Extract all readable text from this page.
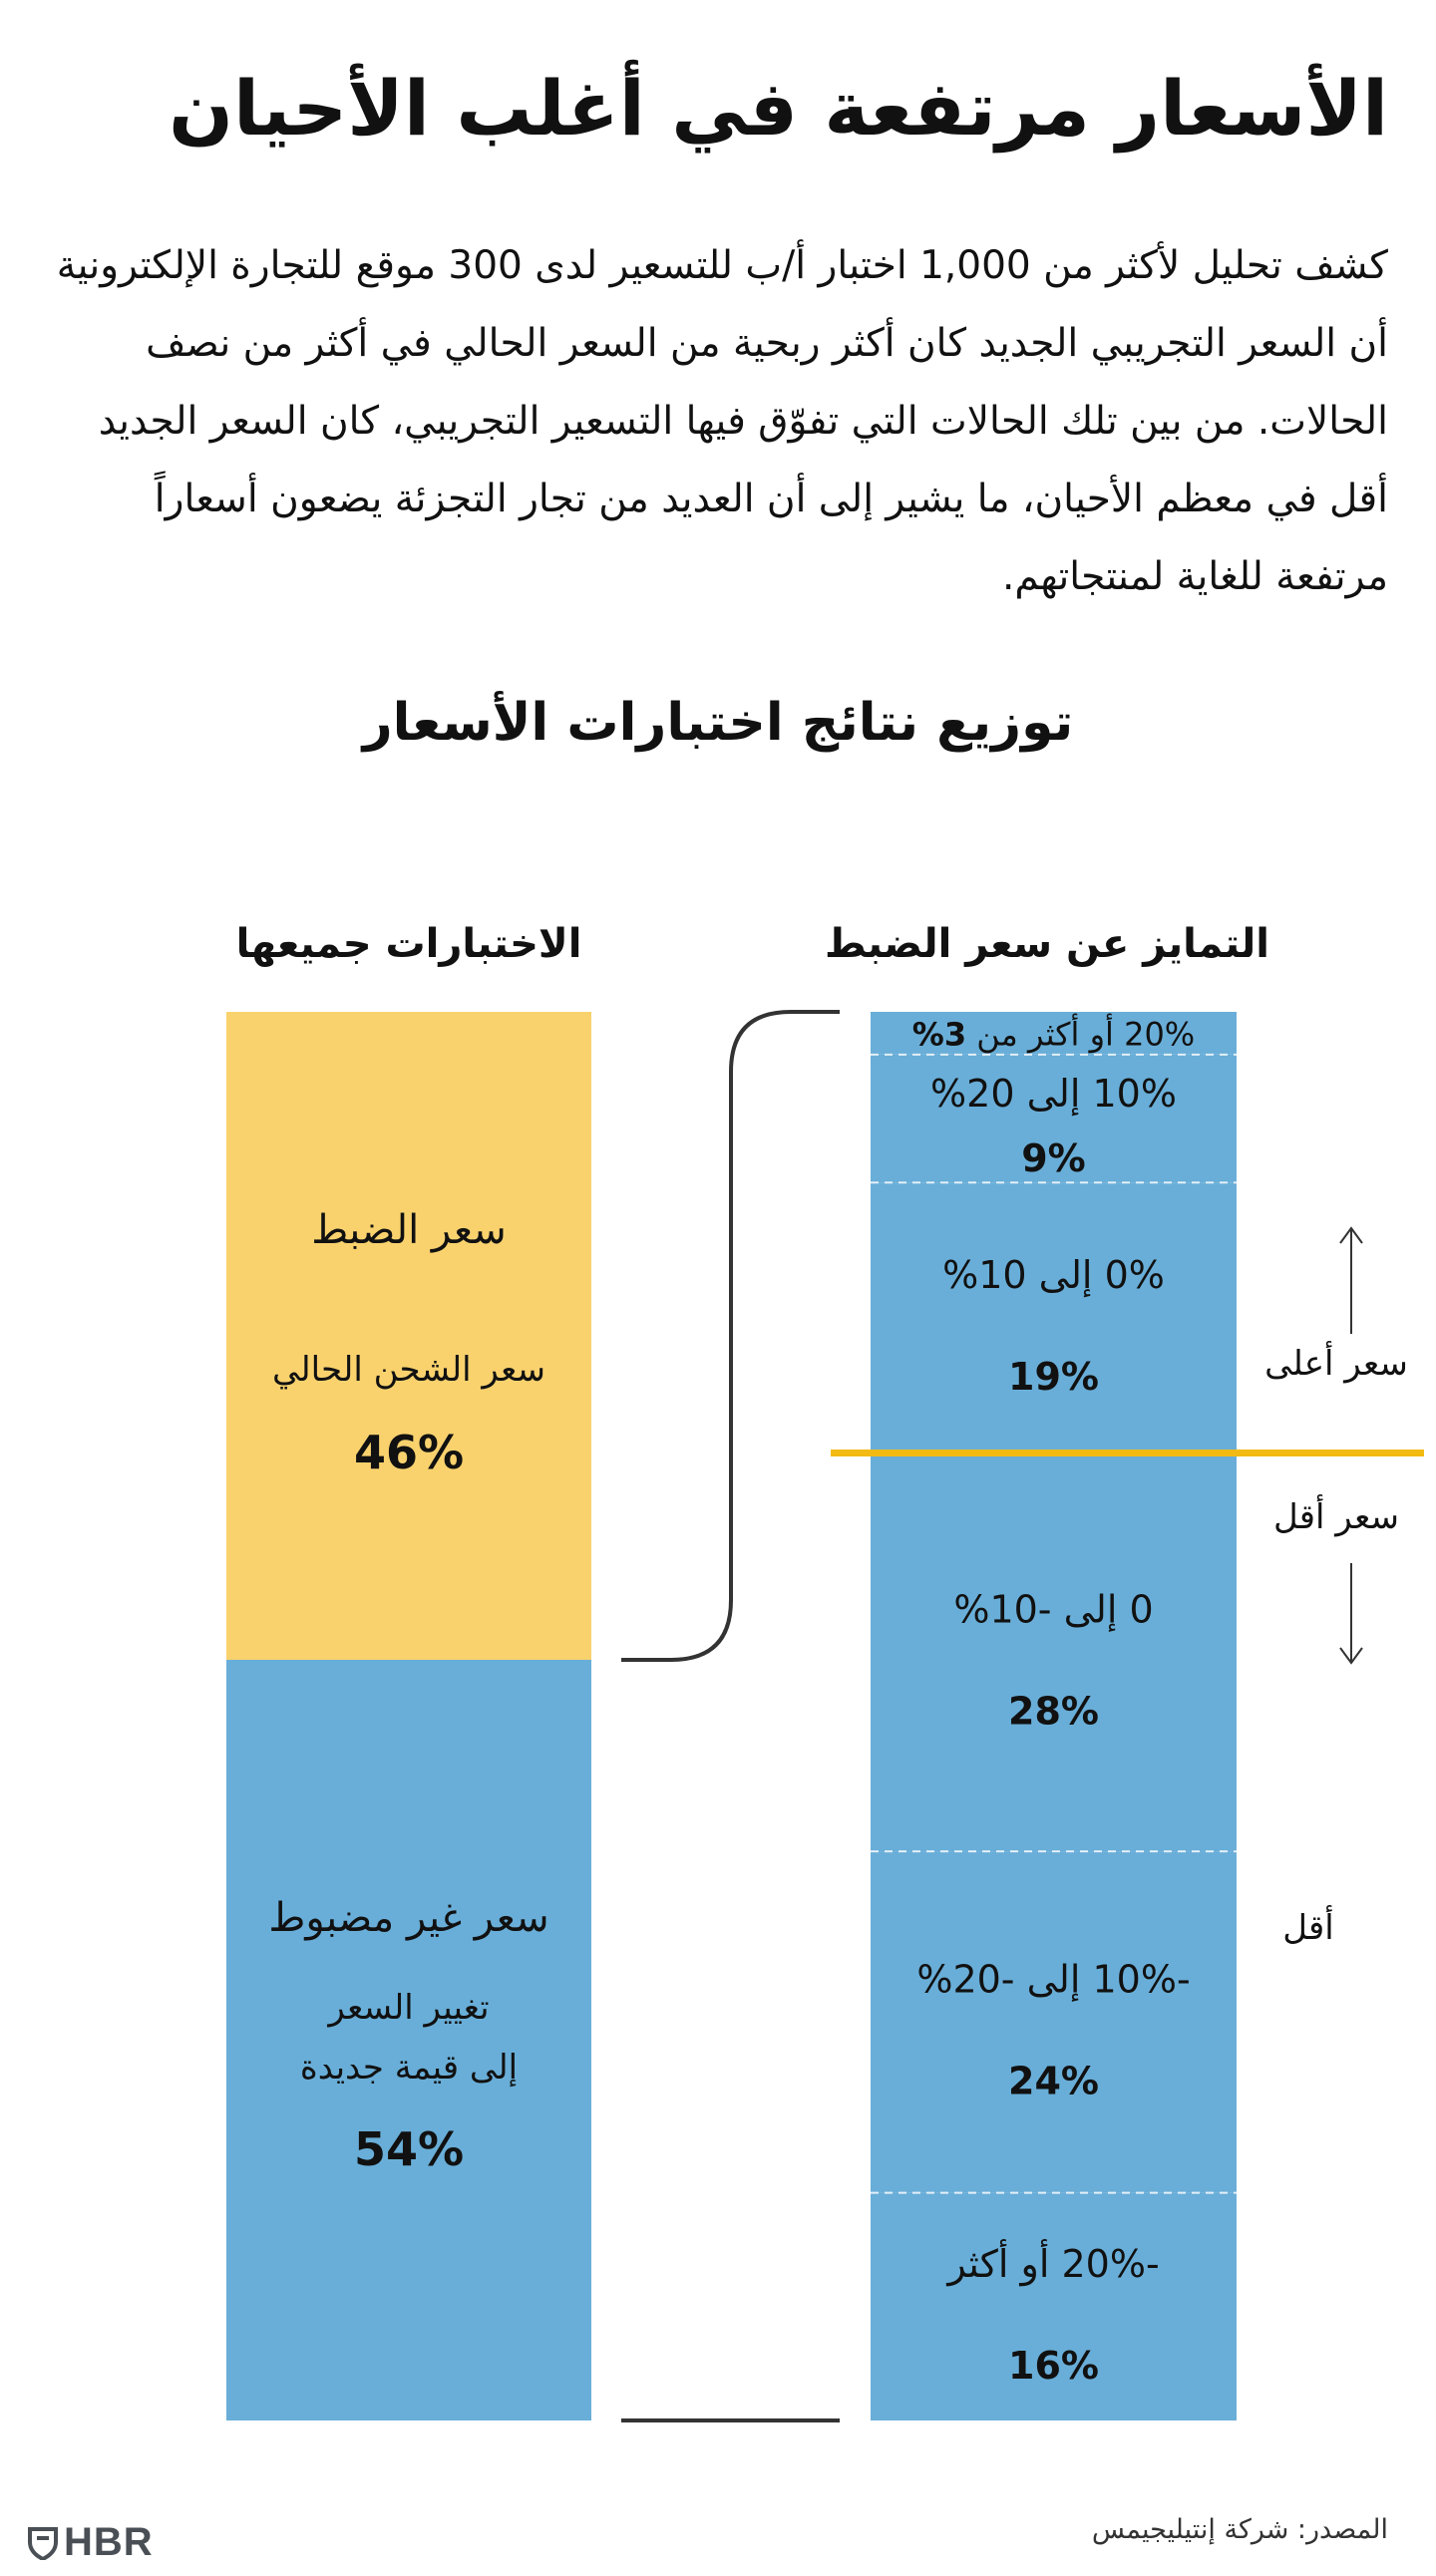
الأسعار مرتفعة في أغلب الأحيان
كشف تحليل لأكثر من 1,000 اختبار أ/ب للتسعير لدى 300 موقع للتجارة الإلكترونية أن السعر التجريبي الجديد كان أكثر ربحية من السعر الحالي في أكثر من نصف الحالات. من بين تلك الحالات التي تفوّق فيها التسعير التجريبي، كان السعر الجديد أقل في معظم الأحيان، ما يشير إلى أن العديد من تجار التجزئة يضعون أسعاراً مرتفعة للغاية لمنتجاتهم.
توزيع نتائج اختبارات الأسعار
الاختبارات جميعها
سعر الضبط
سعر الشحن الحالي
46%
سعر غير مضبوط
تغيير السعر
إلى قيمة جديدة
54%
التمايز عن سعر الضبط
20% أو أكثر من 3%
10% إلى 20%
9%
0% إلى 10%
19%
0 إلى -10%
28%
-10% إلى -20%
24%
-20% أو أكثر
16%
سعر أعلى
سعر أقل
أقل
المصدر: شركة إنتيليجيمس
HBR
